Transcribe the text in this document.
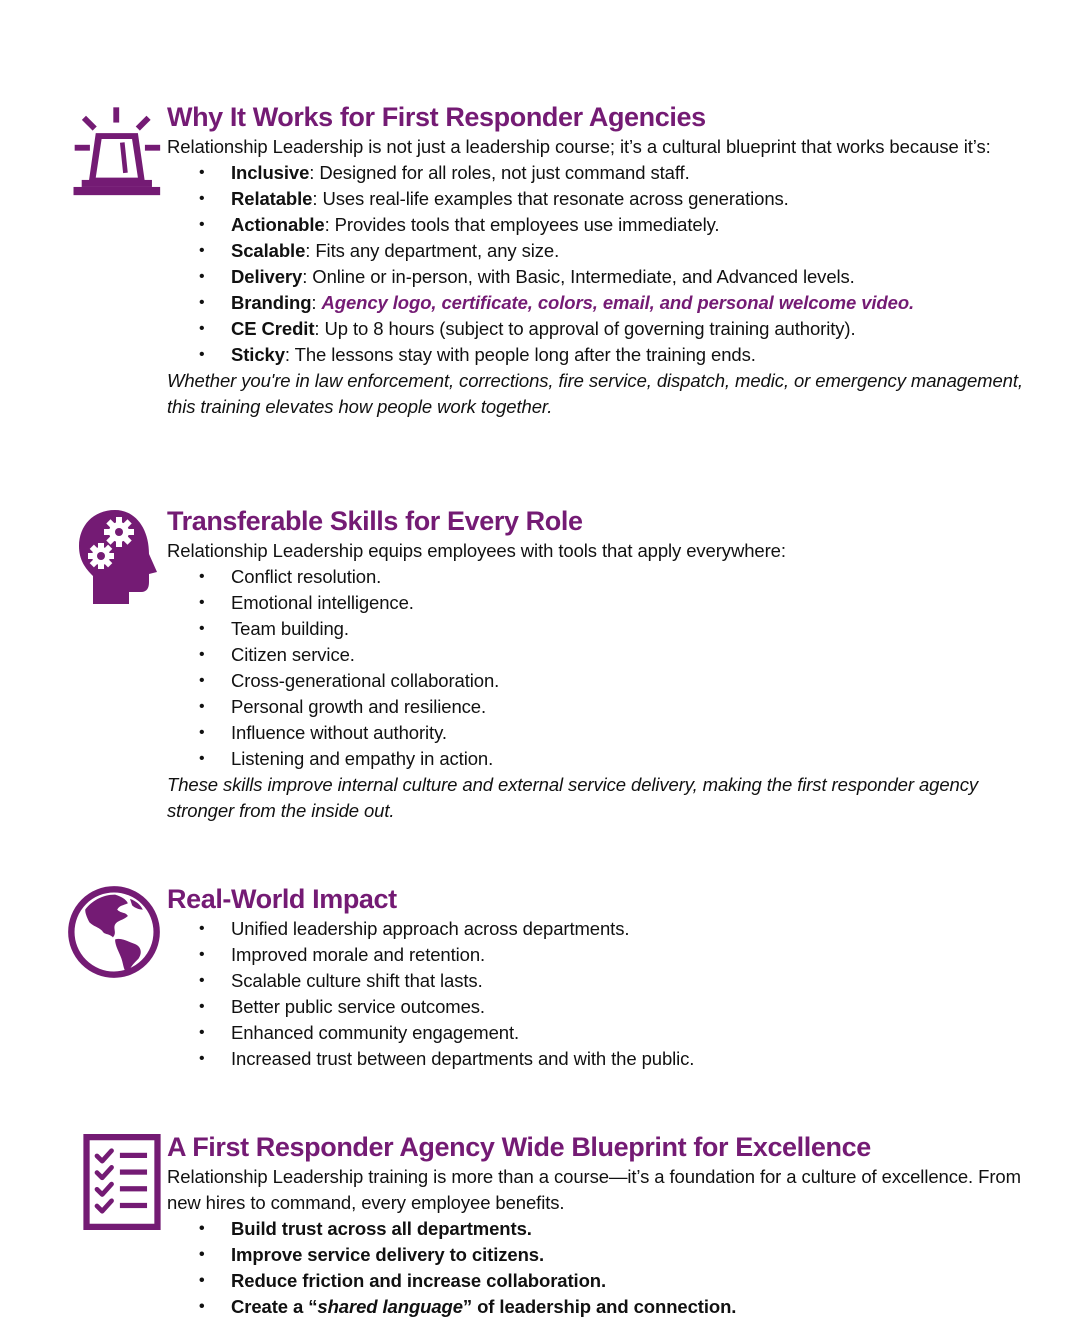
Why It Works for First Responder Agencies
Relationship Leadership is not just a leadership course; it’s a cultural blueprint that works because it’s:
• Inclusive: Designed for all roles, not just command staff.
• Relatable: Uses real-life examples that resonate across generations.
• Actionable: Provides tools that employees use immediately.
• Scalable: Fits any department, any size.
• Delivery: Online or in-person, with Basic, Intermediate, and Advanced levels.
• Branding: Agency logo, certificate, colors, email, and personal welcome video.
• CE Credit: Up to 8 hours (subject to approval of governing training authority).
• Sticky: The lessons stay with people long after the training ends.
Whether you're in law enforcement, corrections, fire service, dispatch, medic, or emergency management, this training elevates how people work together.
Transferable Skills for Every Role
Relationship Leadership equips employees with tools that apply everywhere:
• Conflict resolution.
• Emotional intelligence.
• Team building.
• Citizen service.
• Cross-generational collaboration.
• Personal growth and resilience.
• Influence without authority.
• Listening and empathy in action.
These skills improve internal culture and external service delivery, making the first responder agency stronger from the inside out.
Real-World Impact
• Unified leadership approach across departments.
• Improved morale and retention.
• Scalable culture shift that lasts.
• Better public service outcomes.
• Enhanced community engagement.
• Increased trust between departments and with the public.
A First Responder Agency Wide Blueprint for Excellence
Relationship Leadership training is more than a course—it’s a foundation for a culture of excellence. From new hires to command, every employee benefits.
• Build trust across all departments.
• Improve service delivery to citizens.
• Reduce friction and increase collaboration.
• Create a “shared language” of leadership and connection.
